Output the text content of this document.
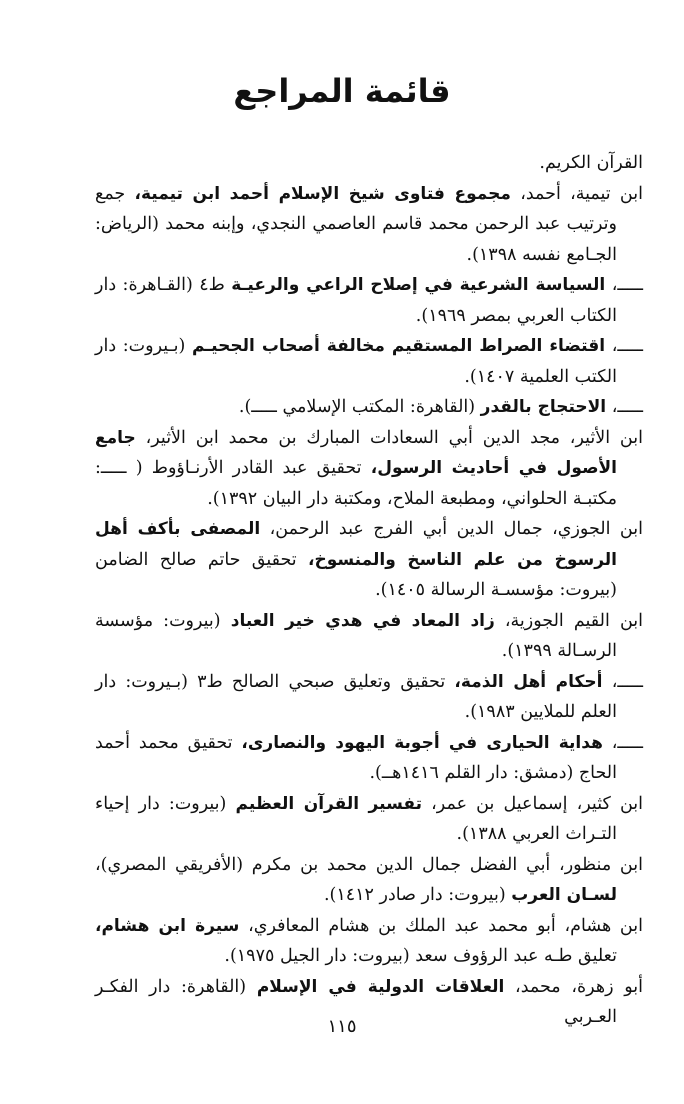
قائمة المراجع

القرآن الكريم.

ابن تيمية، أحمد، مجموع فتاوى شيخ الإسلام أحمد ابن تيمية، جمع وترتيب عبد الرحمن محمد قاسم العاصمي النجدي، وإبنه محمد (الرياض: الجـامع نفسه ١٣٩٨).

ـــــ، السياسة الشرعية في إصلاح الراعي والرعيـة ط٤ (القـاهرة: دار الكتاب العربي بمصر ١٩٦٩).

ـــــ، اقتضاء الصراط المستقيم مخالفة أصحاب الجحيـم (بـيروت: دار الكتب العلمية ١٤٠٧).

ـــــ، الاحتجاج بالقدر (القاهرة: المكتب الإسلامي ـــــ).

ابن الأثير، مجد الدين أبي السعادات المبارك بن محمد ابن الأثير، جامع الأصول في أحاديث الرسول، تحقيق عبد القادر الأرنـاؤوط ( ـــــ: مكتبـة الحلواني، ومطبعة الملاح، ومكتبة دار البيان ١٣٩٢).

ابن الجوزي، جمال الدين أبي الفرج عبد الرحمن، المصفى بأكف أهل الرسوخ من علم الناسخ والمنسوخ، تحقيق حاتم صالح الضامن (بيروت: مؤسسـة الرسالة ١٤٠٥).

ابن القيم الجوزية، زاد المعاد في هدي خير العباد (بيروت: مؤسسة الرسـالة ١٣٩٩).

ـــــ، أحكام أهل الذمة، تحقيق وتعليق صبحي الصالح ط٣ (بـيروت: دار العلم للملايين ١٩٨٣).

ـــــ، هداية الحيارى في أجوبة اليهود والنصارى، تحقيق محمد أحمد الحاج (دمشق: دار القلم ١٤١٦هــ).

ابن كثير، إسماعيل بن عمر، تفسير القرآن العظيم (بيروت: دار إحياء التـراث العربي ١٣٨٨).

ابن منظور، أبي الفضل جمال الدين محمد بن مكرم (الأفريقي المصري)، لسـان العرب (بيروت: دار صادر ١٤١٢).

ابن هشام، أبو محمد عبد الملك بن هشام المعافري، سيرة ابن هشام، تعليق طـه عبد الرؤوف سعد (بيروت: دار الجيل ١٩٧٥).

أبو زهرة، محمد، العلاقات الدولية في الإسلام (القاهرة: دار الفكـر العـربي

١١٥
